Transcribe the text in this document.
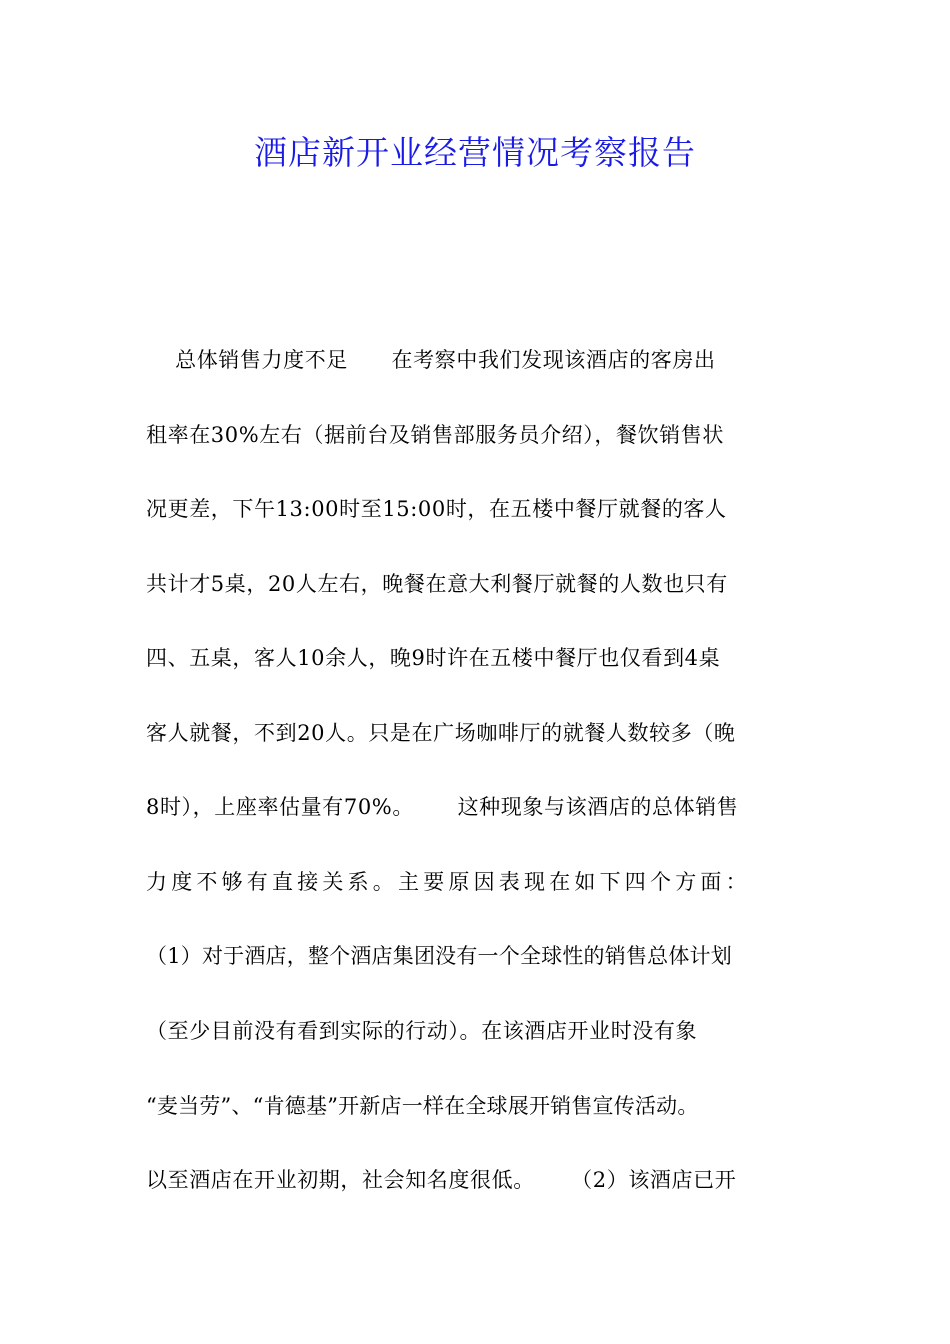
酒店新开业经营情况考察报告
总体销售力度不足      在考察中我们发现该酒店的客房出
租率在30%左右（据前台及销售部服务员介绍），餐饮销售状
况更差，下午13:00时至15:00时，在五楼中餐厅就餐的客人
共计才5桌，20人左右，晚餐在意大利餐厅就餐的人数也只有
四、五桌，客人10余人，晚9时许在五楼中餐厅也仅看到4桌
客人就餐，不到20人。只是在广场咖啡厅的就餐人数较多（晚
8时），上座率估量有70%。      这种现象与该酒店的总体销售
力度不够有直接关系。主要原因表现在如下四个方面：
（1）对于酒店，整个酒店集团没有一个全球性的销售总体计划
（至少目前没有看到实际的行动）。在该酒店开业时没有象
“麦当劳”、“肯德基”开新店一样在全球展开销售宣传活动。
以至酒店在开业初期，社会知名度很低。     （2）该酒店已开
